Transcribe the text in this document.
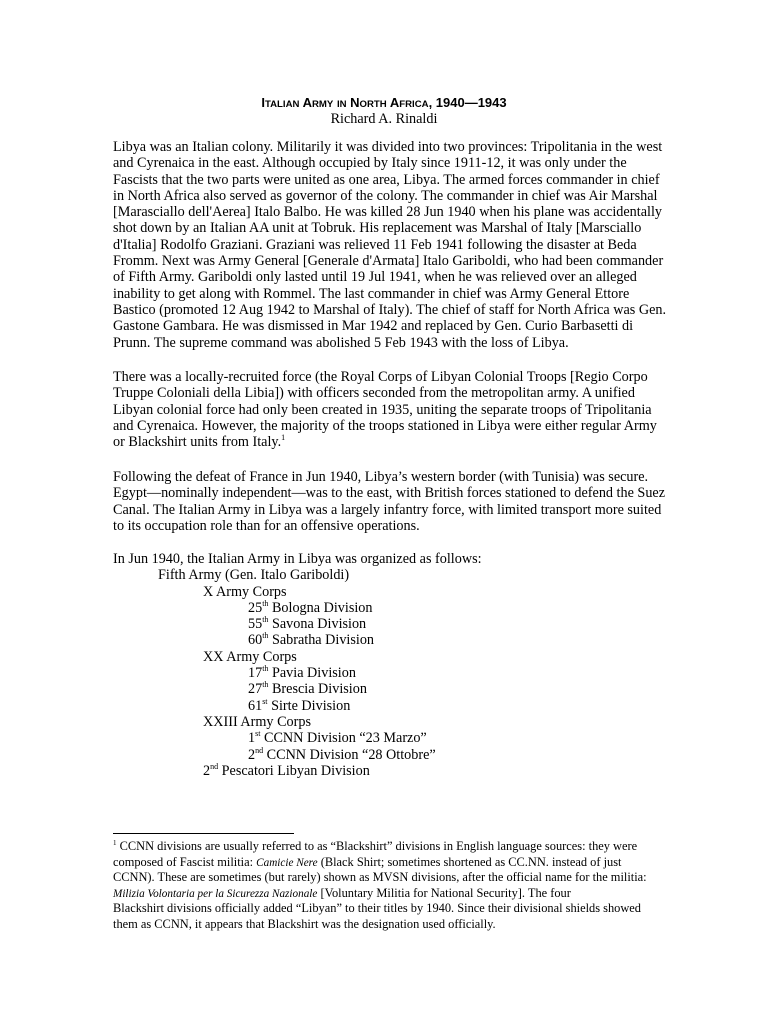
ITALIAN ARMY IN NORTH AFRICA, 1940—1943
Richard A. Rinaldi
Libya was an Italian colony. Militarily it was divided into two provinces: Tripolitania in the west
and Cyrenaica in the east. Although occupied by Italy since 1911-12, it was only under the
Fascists that the two parts were united as one area, Libya. The armed forces commander in chief
in North Africa also served as governor of the colony. The commander in chief was Air Marshal
[Marasciallo dell'Aerea] Italo Balbo. He was killed 28 Jun 1940 when his plane was accidentally
shot down by an Italian AA unit at Tobruk. His replacement was Marshal of Italy [Marsciallo
d'Italia] Rodolfo Graziani. Graziani was relieved 11 Feb 1941 following the disaster at Beda
Fromm. Next was Army General [Generale d'Armata] Italo Gariboldi, who had been commander
of Fifth Army. Gariboldi only lasted until 19 Jul 1941, when he was relieved over an alleged
inability to get along with Rommel. The last commander in chief was Army General Ettore
Bastico (promoted 12 Aug 1942 to Marshal of Italy). The chief of staff for North Africa was Gen.
Gastone Gambara. He was dismissed in Mar 1942 and replaced by Gen. Curio Barbasetti di
Prunn. The supreme command was abolished 5 Feb 1943 with the loss of Libya.
There was a locally-recruited force (the Royal Corps of Libyan Colonial Troops [Regio Corpo
Truppe Coloniali della Libia]) with officers seconded from the metropolitan army. A unified
Libyan colonial force had only been created in 1935, uniting the separate troops of Tripolitania
and Cyrenaica. However, the majority of the troops stationed in Libya were either regular Army
or Blackshirt units from Italy.$^1$
Following the defeat of France in Jun 1940, Libya’s western border (with Tunisia) was secure.
Egypt—nominally independent—was to the east, with British forces stationed to defend the Suez
Canal. The Italian Army in Libya was a largely infantry force, with limited transport more suited
to its occupation role than for an offensive operations.
In Jun 1940, the Italian Army in Libya was organized as follows:
Fifth Army (Gen. Italo Gariboldi)
X Army Corps
25th Bologna Division
55th Savona Division
60th Sabratha Division
XX Army Corps
17th Pavia Division
27th Brescia Division
61st Sirte Division
XXIII Army Corps
1st CCNN Division “23 Marzo”
2nd CCNN Division “28 Ottobre”
2nd Pescatori Libyan Division
$^1$ CCNN divisions are usually referred to as “Blackshirt” divisions in English language sources: they were
composed of Fascist militia: Camicie Nere (Black Shirt; sometimes shortened as CC.NN. instead of just
CCNN). These are sometimes (but rarely) shown as MVSN divisions, after the official name for the militia:
Milizia Volontaria per la Sicurezza Nazionale [Voluntary Militia for National Security]. The four
Blackshirt divisions officially added “Libyan” to their titles by 1940. Since their divisional shields showed
them as CCNN, it appears that Blackshirt was the designation used officially.
